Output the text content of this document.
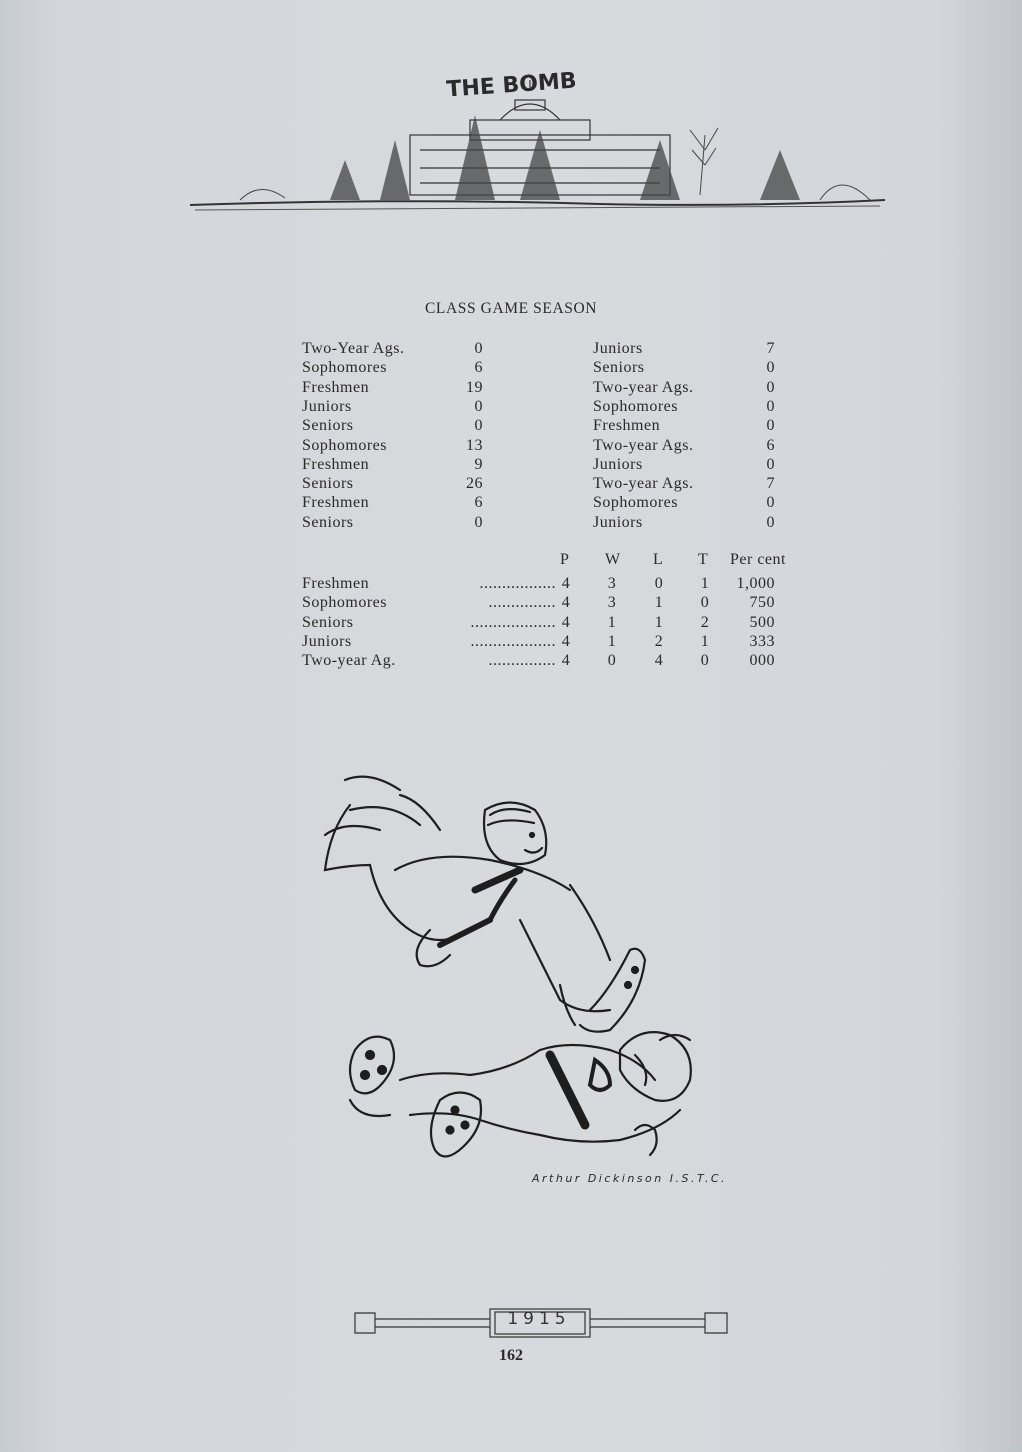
THE BOMB
CLASS GAME SEASON
Two-Year Ags.	0	Juniors	7
Sophomores	6	Seniors	0
Freshmen	19	Two-year Ags.	0
Juniors	0	Sophomores	0
Seniors	0	Freshmen	0
Sophomores	13	Two-year Ags.	6
Freshmen	9	Juniors	0
Seniors	26	Two-year Ags.	7
Freshmen	6	Sophomores	0
Seniors	0	Juniors	0
P W L T Per cent
Freshmen	................. 4	3	0	1	1,000
Sophomores	............... 4	3	1	0	750
Seniors	................... 4	1	1	2	500
Juniors	................... 4	1	2	1	333
Two-year Ag.	............... 4	0	4	0	000
Arthur Dickinson I.S.T.C.
1915
162
